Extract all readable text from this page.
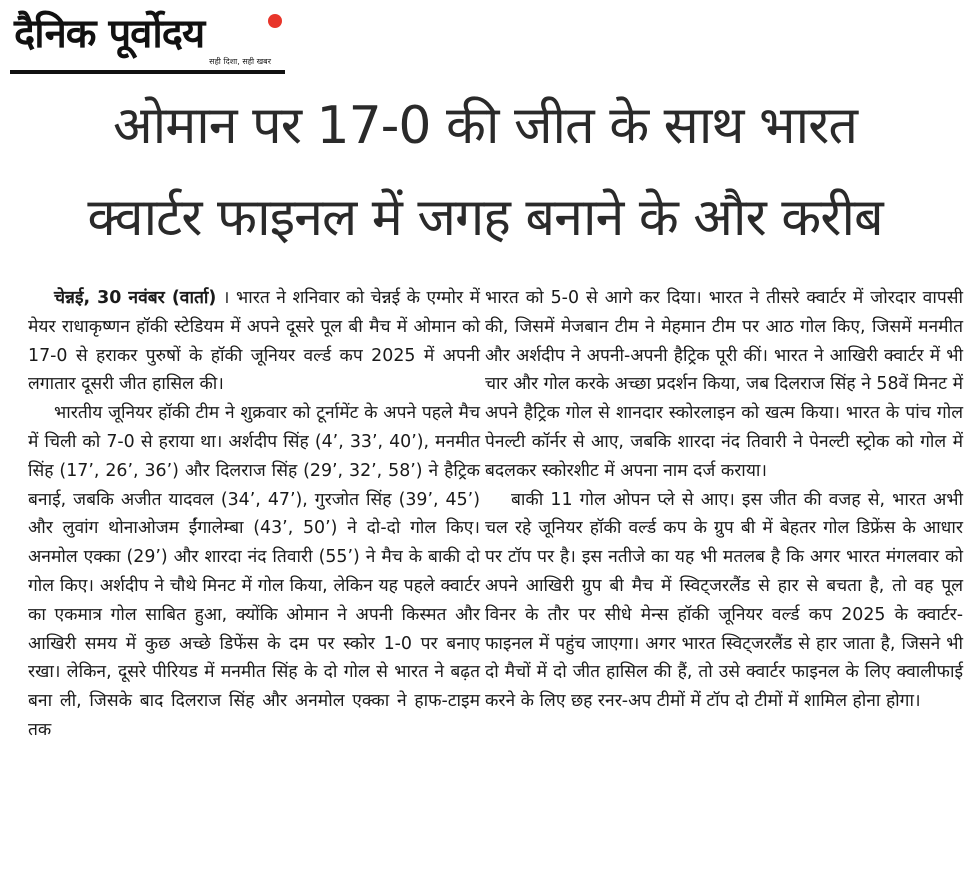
दैनिक पूर्वोदय
सही दिशा, सही खबर
ओमान पर 17-0 की जीत के साथ भारत
क्वार्टर फाइनल में जगह बनाने के और करीब

चेन्नई, 30 नवंबर (वार्ता) । भारत ने शनिवार को चेन्नई के एग्मोर में मेयर राधाकृष्णन हॉकी स्टेडियम में अपने दूसरे पूल बी मैच में ओमान को 17-0 से हराकर पुरुषों के हॉकी जूनियर वर्ल्ड कप 2025 में अपनी लगातार दूसरी जीत हासिल की।

भारतीय जूनियर हॉकी टीम ने शुक्रवार को टूर्नामेंट के अपने पहले मैच में चिली को 7-0 से हराया था। अर्शदीप सिंह (4’, 33’, 40’), मनमीत सिंह (17’, 26’, 36’) और दिलराज सिंह (29’, 32’, 58’) ने हैट्रिक बनाई, जबकि अजीत यादवल (34’, 47’), गुरजोत सिंह (39’, 45’) और लुवांग थोनाओजम ईंगालेम्बा (43’, 50’) ने दो-दो गोल किए। अनमोल एक्का (29’) और शारदा नंद तिवारी (55’) ने मैच के बाकी दो गोल किए। अर्शदीप ने चौथे मिनट में गोल किया, लेकिन यह पहले क्वार्टर का एकमात्र गोल साबित हुआ, क्योंकि ओमान ने अपनी किस्मत और आखिरी समय में कुछ अच्छे डिफेंस के दम पर स्कोर 1-0 पर बनाए रखा। लेकिन, दूसरे पीरियड में मनमीत सिंह के दो गोल से भारत ने बढ़त बना ली, जिसके बाद दिलराज सिंह और अनमोल एक्का ने हाफ-टाइम तक

भारत को 5-0 से आगे कर दिया। भारत ने तीसरे क्वार्टर में जोरदार वापसी की, जिसमें मेजबान टीम ने मेहमान टीम पर आठ गोल किए, जिसमें मनमीत और अर्शदीप ने अपनी-अपनी हैट्रिक पूरी कीं। भारत ने आखिरी क्वार्टर में भी चार और गोल करके अच्छा प्रदर्शन किया, जब दिलराज सिंह ने 58वें मिनट में अपने हैट्रिक गोल से शानदार स्कोरलाइन को खत्म किया। भारत के पांच गोल पेनल्टी कॉर्नर से आए, जबकि शारदा नंद तिवारी ने पेनल्टी स्ट्रोक को गोल में बदलकर स्कोरशीट में अपना नाम दर्ज कराया।

बाकी 11 गोल ओपन प्ले से आए। इस जीत की वजह से, भारत अभी चल रहे जूनियर हॉकी वर्ल्ड कप के ग्रुप बी में बेहतर गोल डिफ्रेंस के आधार पर टॉप पर है। इस नतीजे का यह भी मतलब है कि अगर भारत मंगलवार को अपने आखिरी ग्रुप बी मैच में स्विट्जरलैंड से हार से बचता है, तो वह पूल विनर के तौर पर सीधे मेन्स हॉकी जूनियर वर्ल्ड कप 2025 के क्वार्टर-फाइनल में पहुंच जाएगा। अगर भारत स्विट्जरलैंड से हार जाता है, जिसने भी दो मैचों में दो जीत हासिल की हैं, तो उसे क्वार्टर फाइनल के लिए क्वालीफाई करने के लिए छह रनर-अप टीमों में टॉप दो टीमों में शामिल होना होगा।
